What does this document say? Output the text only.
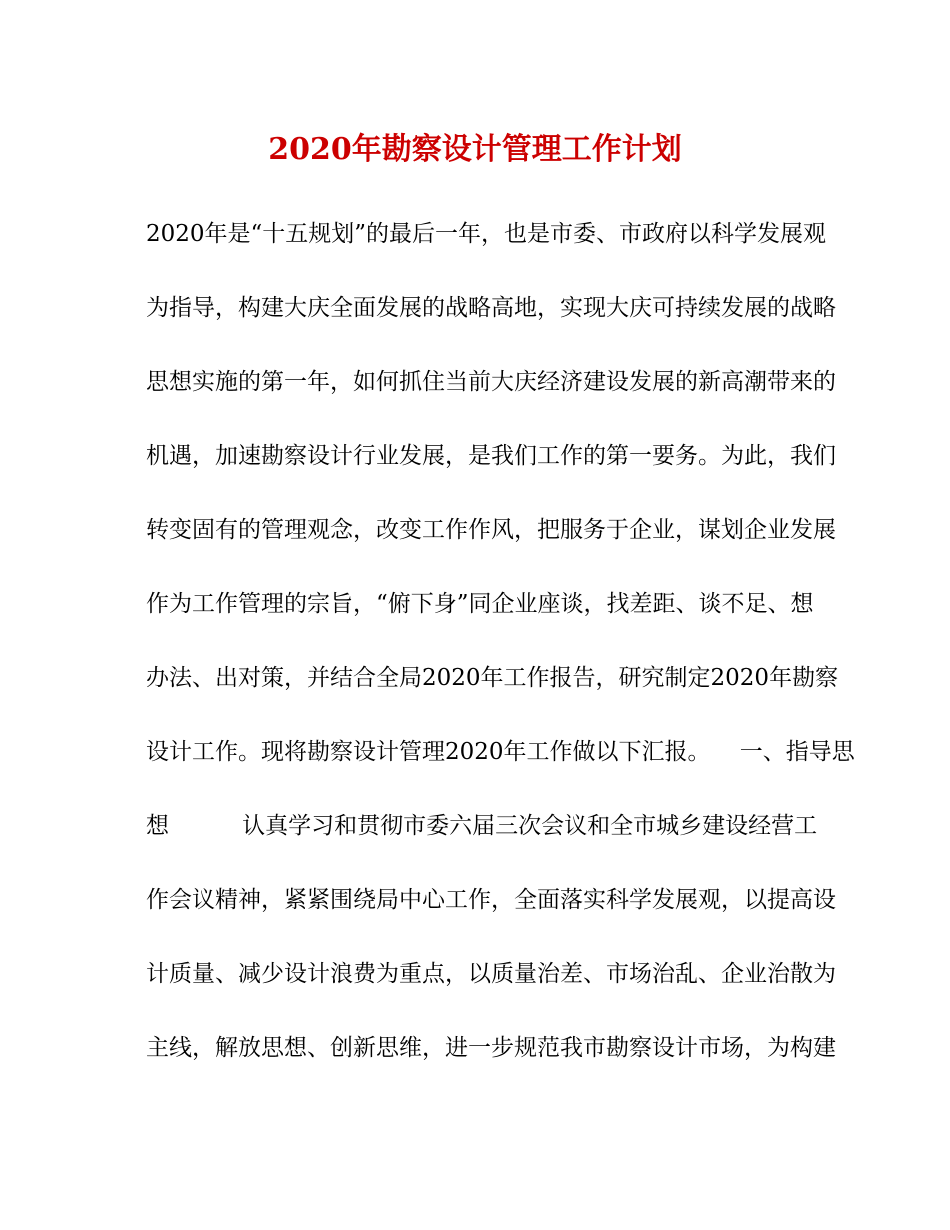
2020年勘察设计管理工作计划
2020年是“十五规划”的最后一年，也是市委、市政府以科学发展观
为指导，构建大庆全面发展的战略高地，实现大庆可持续发展的战略
思想实施的第一年，如何抓住当前大庆经济建设发展的新高潮带来的
机遇，加速勘察设计行业发展，是我们工作的第一要务。为此，我们
转变固有的管理观念，改变工作作风，把服务于企业，谋划企业发展
作为工作管理的宗旨，“俯下身”同企业座谈，找差距、谈不足、想
办法、出对策，并结合全局2020年工作报告，研究制定2020年勘察
设计工作。现将勘察设计管理2020年工作做以下汇报。    一、指导思
想          认真学习和贯彻市委六届三次会议和全市城乡建设经营工
作会议精神，紧紧围绕局中心工作，全面落实科学发展观，以提高设
计质量、减少设计浪费为重点，以质量治差、市场治乱、企业治散为
主线，解放思想、创新思维，进一步规范我市勘察设计市场，为构建
